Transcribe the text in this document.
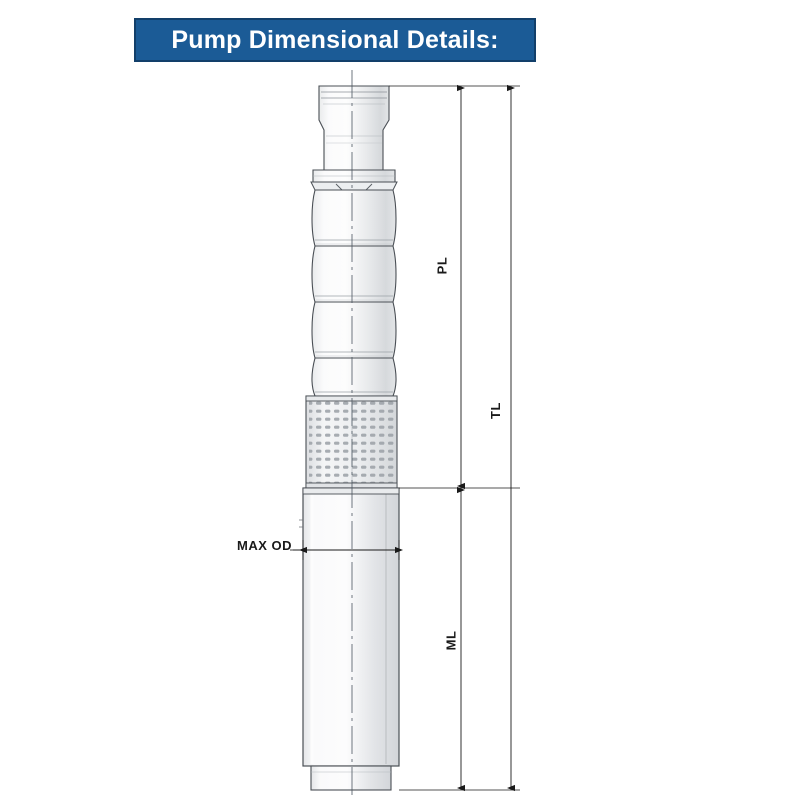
Pump Dimensional Details:
PL
TL
ML
MAX OD
